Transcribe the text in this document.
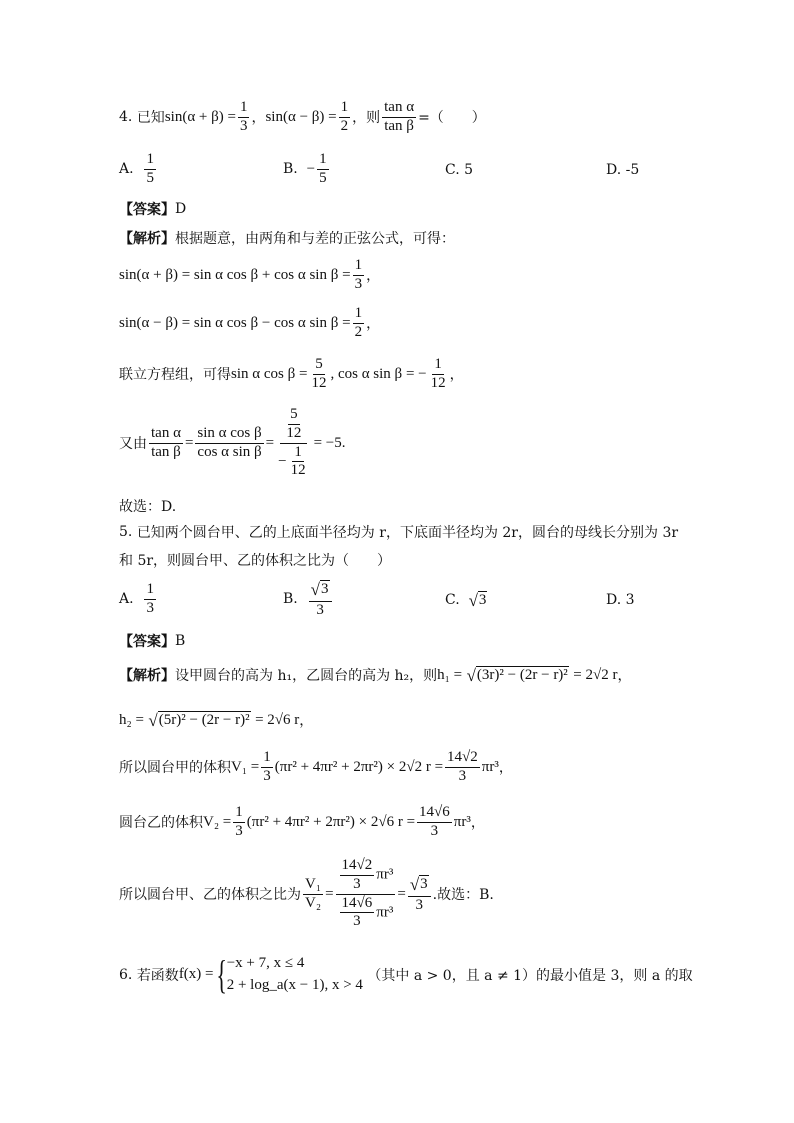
4.
已知 $\sin(\alpha + \beta) = \frac{1}{3}$ ， $\sin(\alpha - \beta) = \frac{1}{2}$ ，则 $\frac{\text{tan α}}{\text{tan β}}$ =（　　）
A.
$\frac{1}{5}$	B.
− $\frac{1}{5}$	C.
5	D.
-5
【答案】 D
【解析】 根据题意，由两角和与差的正弦公式，可得：
sin(α + β) = sin α cos β + cos α $\sin \beta = \frac{1}{3}$ ，
sin(α − β) = sin α cos β − cos α $\sin \beta = \frac{1}{2}$ ，
联立方程组，可得 sin α $\cos \beta = \frac{5}{12}$ , cos α sin β = − $\frac{1}{12}$ ，
又由 $\frac{\text{tan α}}{\text{tan β}} = \frac{\text{sin α cos β}}{\text{cos α sin β}} = \frac{\frac{5}{12}}{- \frac{1}{12}} = -5$.
故选：D.
5.
已知两个圆台甲、乙的上底面半径均为 r，下底面半径均为 2r，圆台的母线长分别为 3r
和 5r，则圆台甲、乙的体积之比为（　　）
A.
$\frac{1}{3}$	B.
$\frac{√ 3}{3}$	C.
√ 3	D.
3
【答案】 B
【解析】 设甲圆台的高为 h₁，乙圆台的高为 h₂，则 h₁ =
√ (3r)² − (2r − r)²
= 2√2 r ，
h₂ =
√ (5r)² − (2r − r)²
= 2√6 r ，
所以圆台甲的体积 $V_1 = \frac{1}{3} (\pi r^2 + 4\pi r^2 + 2\pi r^2) \times 2√2$ $r = \frac{14√2}{3} \pi r^3$ ，
圆台乙的体积 $V_2 = \frac{1}{3} (\pi r^2 + 4\pi r^2 + 2\pi r^2) \times 2√6$ $r = \frac{14√6}{3} \pi r^3$ ，
所以圆台甲、乙的体积之比为 $\frac{\text{V₁}}{\text{V₂}} = \frac{\frac{14√2}{3} \pi r^3}{\frac{14√6}{3} \pi r^3} = \frac{√ 3}{3}$ .故选：B.
6.
若函数 f(x) = { −x + 7, x ≤ 4
2 + log_a(x − 1), x > 4

（其中 a > 0，且 a ≠ 1）的最小值是 3，则 a 的取
